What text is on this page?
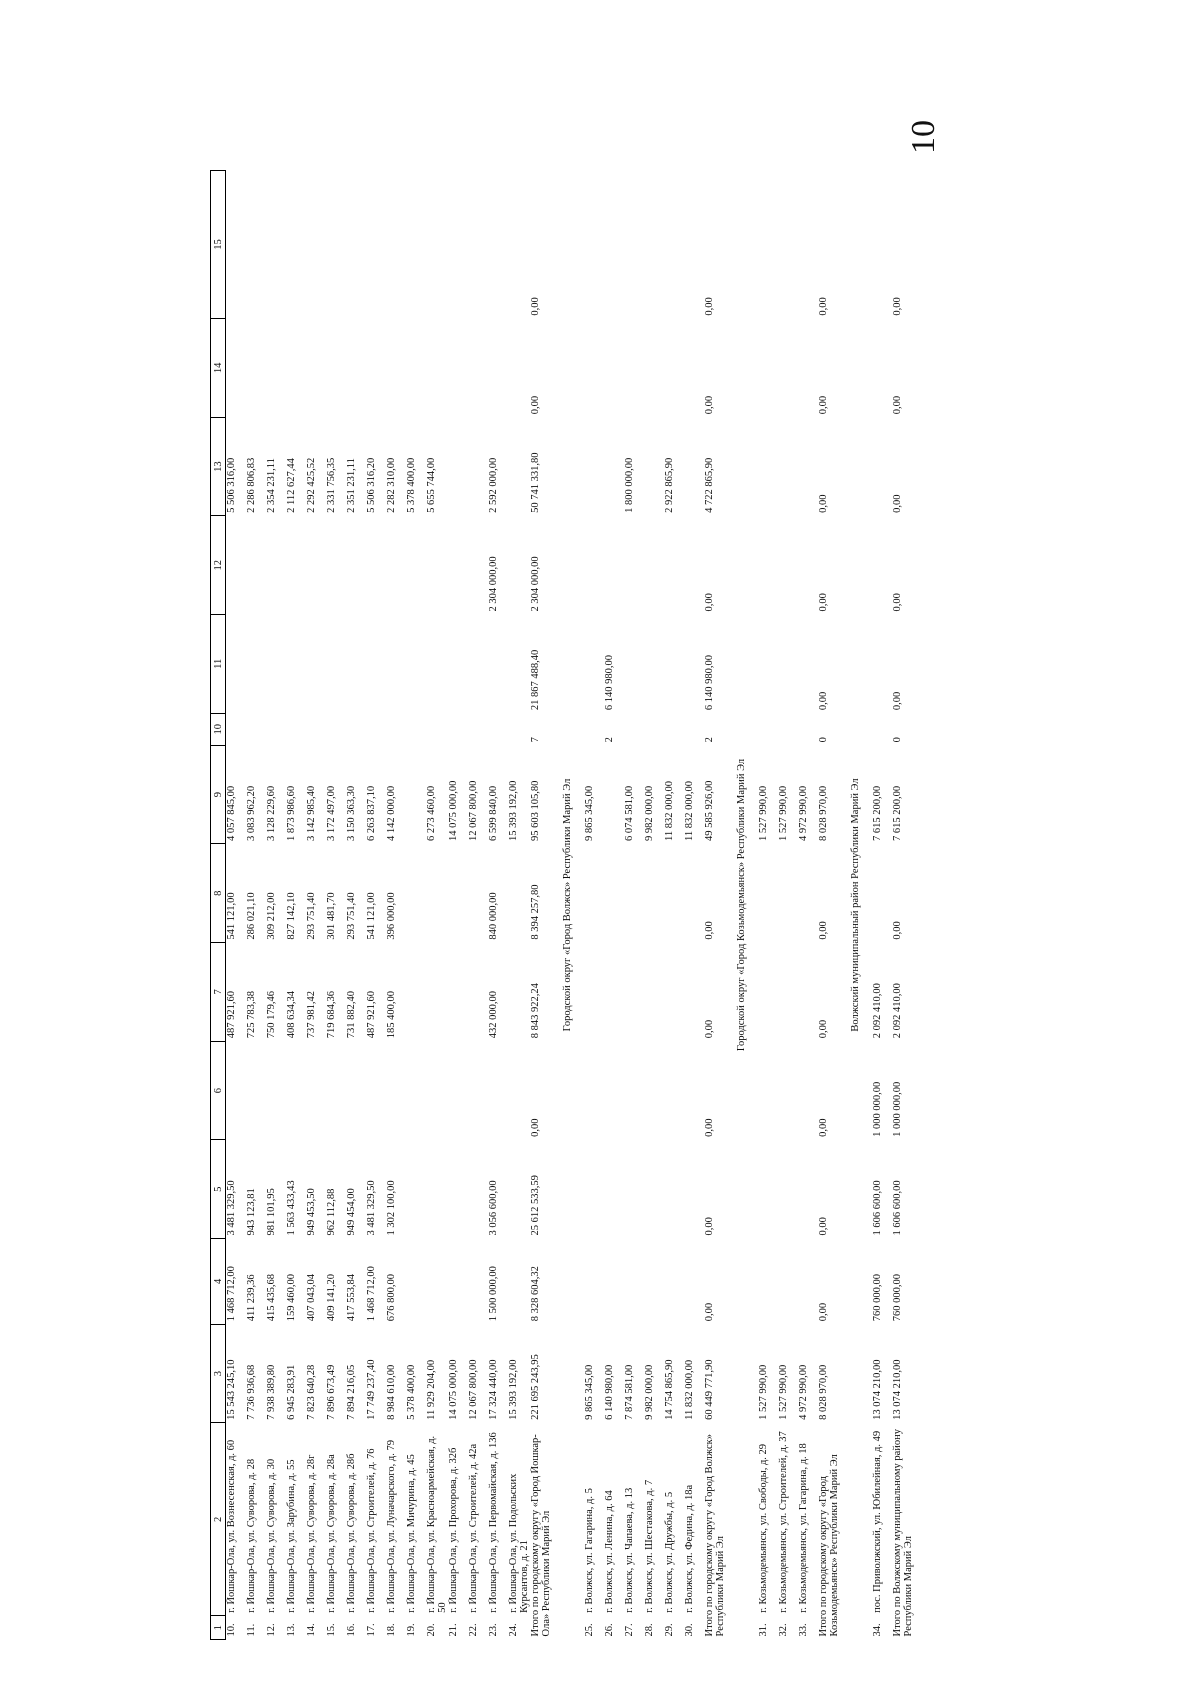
10
1	2	3	4	5	6	7	8	9	10	11	12	13	14	15
10.	г. Йошкар-Ола, ул. Вознесенская, д. 60	15 543 245,10	1 468 712,00	3 481 329,50		487 921,60	541 121,00	4 057 845,00				5 506 316,00		
11.	г. Йошкар-Ола, ул. Суворова, д. 28	7 736 936,68	411 239,36	943 123,81		725 783,38	286 021,10	3 083 962,20				2 286 806,83		
12.	г. Йошкар-Ола, ул. Суворова, д. 30	7 938 389,80	415 435,68	981 101,95		750 179,46	309 212,00	3 128 229,60				2 354 231,11		
13.	г. Йошкар-Ола, ул. Зарубина, д. 55	6 945 283,91	159 460,00	1 563 433,43		408 634,34	827 142,10	1 873 986,60				2 112 627,44		
14.	г. Йошкар-Ола, ул. Суворова, д. 28г	7 823 640,28	407 043,04	949 453,50		737 981,42	293 751,40	3 142 985,40				2 292 425,52		
15.	г. Йошкар-Ола, ул. Суворова, д. 28а	7 896 673,49	409 141,20	962 112,88		719 684,36	301 481,70	3 172 497,00				2 331 756,35		
16.	г. Йошкар-Ола, ул. Суворова, д. 28б	7 894 216,05	417 553,84	949 454,00		731 882,40	293 751,40	3 150 363,30				2 351 231,11		
17.	г. Йошкар-Ола, ул. Строителей, д. 76	17 749 237,40	1 468 712,00	3 481 329,50		487 921,60	541 121,00	6 263 837,10				5 506 316,20		
18.	г. Йошкар-Ола, ул. Луначарского, д. 79	8 984 610,00	676 800,00	1 302 100,00		185 400,00	396 000,00	4 142 000,00				2 282 310,00		
19.	г. Йошкар-Ола, ул. Мичурина, д. 45	5 378 400,00										5 378 400,00		
20.	г. Йошкар-Ола, ул. Красноармейская, д. 50	11 929 204,00						6 273 460,00				5 655 744,00		
21.	г. Йошкар-Ола, ул. Прохорова, д. 32б	14 075 000,00						14 075 000,00						
22.	г. Йошкар-Ола, ул. Строителей, д. 42а	12 067 800,00						12 067 800,00						
23.	г. Йошкар-Ола, ул. Первомайская, д. 136	17 324 440,00	1 500 000,00	3 056 600,00		432 000,00	840 000,00	6 599 840,00			2 304 000,00	2 592 000,00		
24.	г. Йошкар-Ола, ул. Подольских Курсантов, д. 21	15 393 192,00						15 393 192,00						
Итого по городскому округу «Город Йошкар-Ола» Республики Марий Эл		221 695 243,95	8 328 604,32	25 612 533,59	0,00	8 843 922,24	8 394 257,80	95 603 105,80	7	21 867 488,40	2 304 000,00	50 741 331,80	0,00	0,00
Городской округ «Город Волжск» Республики Марий Эл														
25.	г. Волжск, ул. Гагарина, д. 5	9 865 345,00						9 865 345,00						
26.	г. Волжск, ул. Ленина, д. 64	6 140 980,00							2	6 140 980,00				
27.	г. Волжск, ул. Чапаева, д. 13	7 874 581,00						6 074 581,00				1 800 000,00		
28.	г. Волжск, ул. Шестакова, д. 7	9 982 000,00						9 982 000,00						
29.	г. Волжск, ул. Дружбы, д. 5	14 754 865,90						11 832 000,00				2 922 865,90		
30.	г. Волжск, ул. Федина, д. 18а	11 832 000,00						11 832 000,00						
Итого по городскому округу «Город Волжск» Республики Марий Эл		60 449 771,90	0,00	0,00	0,00	0,00	0,00	49 585 926,00	2	6 140 980,00	0,00	4 722 865,90	0,00	0,00
Городской округ «Город Козьмодемьянск» Республики Марий Эл														
31.	г. Козьмодемьянск, ул. Свободы, д. 29	1 527 990,00						1 527 990,00						
32.	г. Козьмодемьянск, ул. Строителей, д. 37	1 527 990,00						1 527 990,00						
33.	г. Козьмодемьянск, ул. Гагарина, д. 18	4 972 990,00						4 972 990,00						
Итого по городскому округу «Город Козьмодемьянск» Республики Марий Эл		8 028 970,00	0,00	0,00	0,00	0,00	0,00	8 028 970,00	0	0,00	0,00	0,00	0,00	0,00
Волжский муниципальный район Республики Марий Эл														
34.	пос. Приволжский, ул. Юбилейная, д. 49	13 074 210,00	760 000,00	1 606 600,00	1 000 000,00	2 092 410,00		7 615 200,00						
Итого по Волжскому муниципальному району Республики Марий Эл		13 074 210,00	760 000,00	1 606 600,00	1 000 000,00	2 092 410,00	0,00	7 615 200,00	0	0,00	0,00	0,00	0,00	0,00
